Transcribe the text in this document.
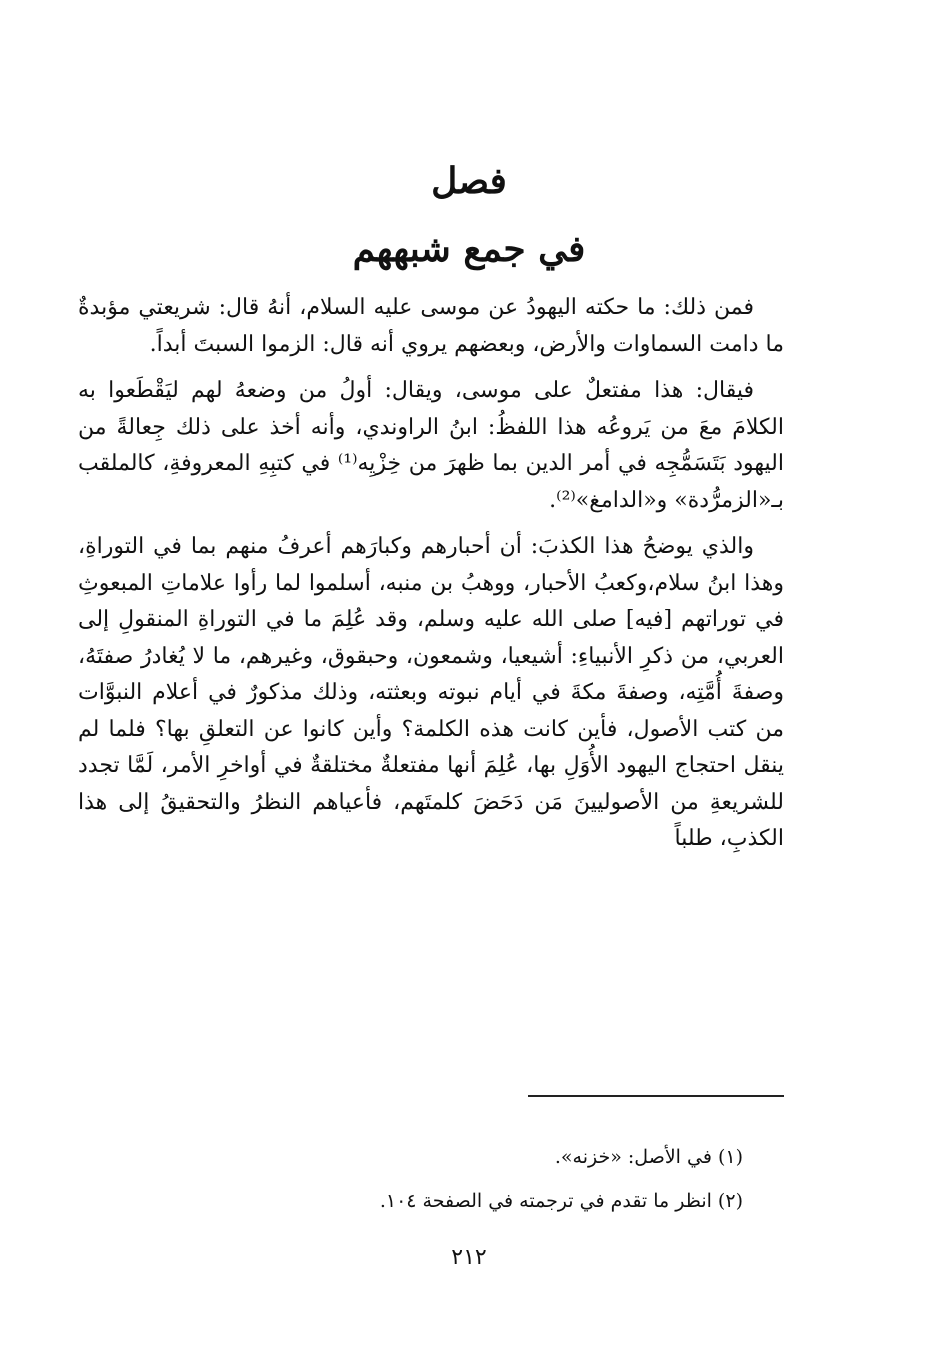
فصل
في جمع شبههم

فمن ذلك: ما حكته اليهودُ عن موسى عليه السلام، أنهُ قال: شريعتي مؤبدةٌ ما دامت السماوات والأرض، وبعضهم يروي أنه قال: الزموا السبتَ أبداً.

فيقال: هذا مفتعلٌ على موسى، ويقال: أولُ من وضعهُ لهم ليَقْطَعوا به الكلامَ معَ من يَروعُه هذا اللفظُ: ابنُ الراوندي، وأنه أخذ على ذلك جِعالةً من اليهود بَتَسَمُّجِه في أمر الدين بما ظهرَ من خِزْيِه⁽¹⁾ في كتبِهِ المعروفةِ، كالملقب بـ«الزمرُّدة» و«الدامغ»⁽²⁾.

والذي يوضحُ هذا الكذبَ: أن أحبارهم وكبارَهم أعرفُ منهم بما في التوراةِ، وهذا ابنُ سلام،وكعبُ الأحبار، ووهبُ بن منبه، أسلموا لما رأوا علاماتِ المبعوثِ في توراتهم [فيه] صلى الله عليه وسلم، وقد عُلِمَ ما في التوراةِ المنقولِ إلى العربي، من ذكرِ الأنبياءِ: أشيعيا، وشمعون، وحبقوق، وغيرهم، ما لا يُغادرُ صفتَهُ، وصفةَ أُمَّتِه، وصفةَ مكةَ في أيام نبوته وبعثته، وذلك مذكورٌ في أعلام النبوَّات من كتب الأصول، فأين كانت هذه الكلمة؟ وأين كانوا عن التعلقِ بها؟ فلما لم ينقل احتجاج اليهود الأُوَلِ بها، عُلِمَ أنها مفتعلةٌ مختلقةٌ في أواخرِ الأمر، لَمَّا تجدد للشريعةِ من الأصوليينَ مَن دَحَضَ كلمتَهم، فأعياهم النظرُ والتحقيقُ إلى هذا الكذبِ، طلباً

(١) في الأصل: «خزنه».
(٢) انظر ما تقدم في ترجمته في الصفحة ١٠٤.
٢١٢
